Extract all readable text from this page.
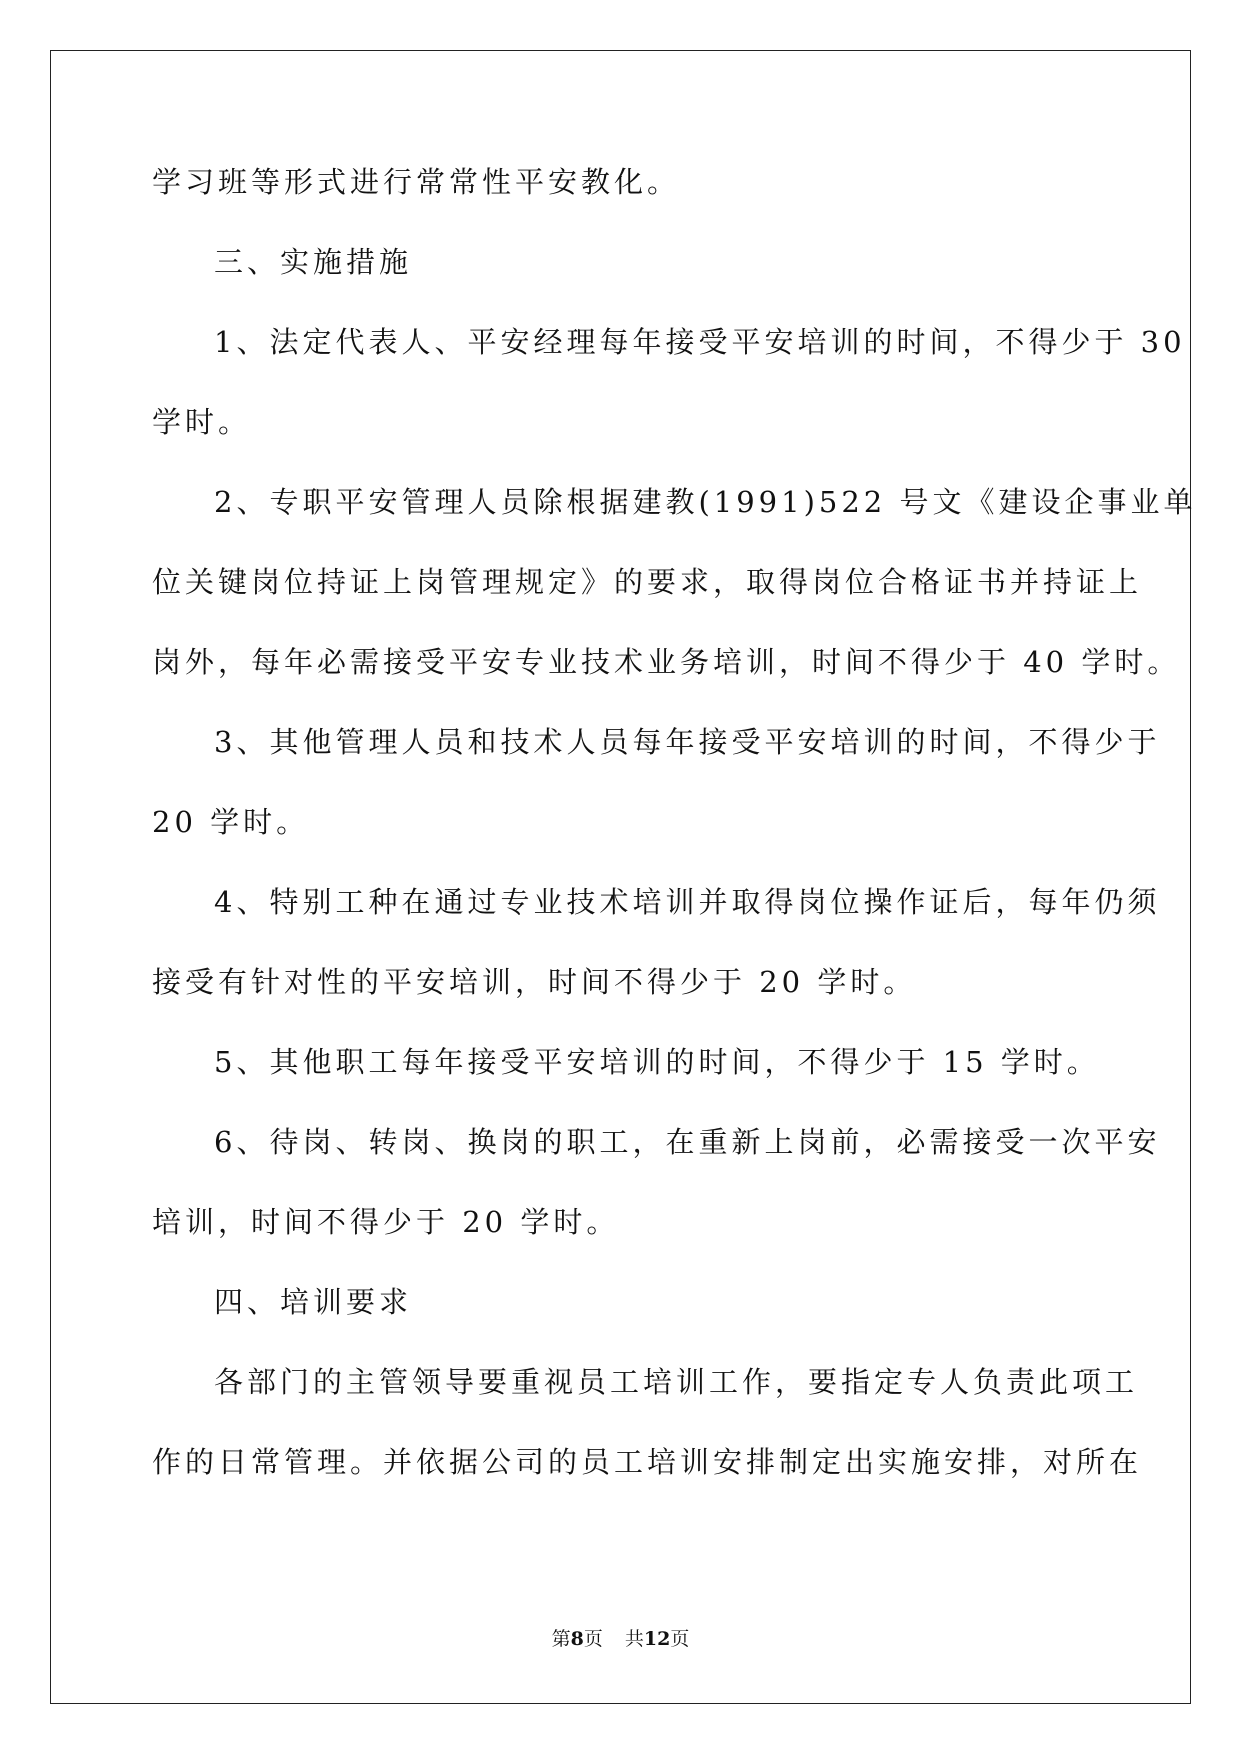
学习班等形式进行常常性平安教化。
三、实施措施
1、法定代表人、平安经理每年接受平安培训的时间，不得少于 30
学时。
2、专职平安管理人员除根据建教(1991)522 号文《建设企事业单
位关键岗位持证上岗管理规定》的要求，取得岗位合格证书并持证上
岗外，每年必需接受平安专业技术业务培训，时间不得少于 40 学时。
3、其他管理人员和技术人员每年接受平安培训的时间，不得少于
20 学时。
4、特别工种在通过专业技术培训并取得岗位操作证后，每年仍须
接受有针对性的平安培训，时间不得少于 20 学时。
5、其他职工每年接受平安培训的时间，不得少于 15 学时。
6、待岗、转岗、换岗的职工，在重新上岗前，必需接受一次平安
培训，时间不得少于 20 学时。
四、培训要求
各部门的主管领导要重视员工培训工作，要指定专人负责此项工
作的日常管理。并依据公司的员工培训安排制定出实施安排，对所在
第8页 共12页
